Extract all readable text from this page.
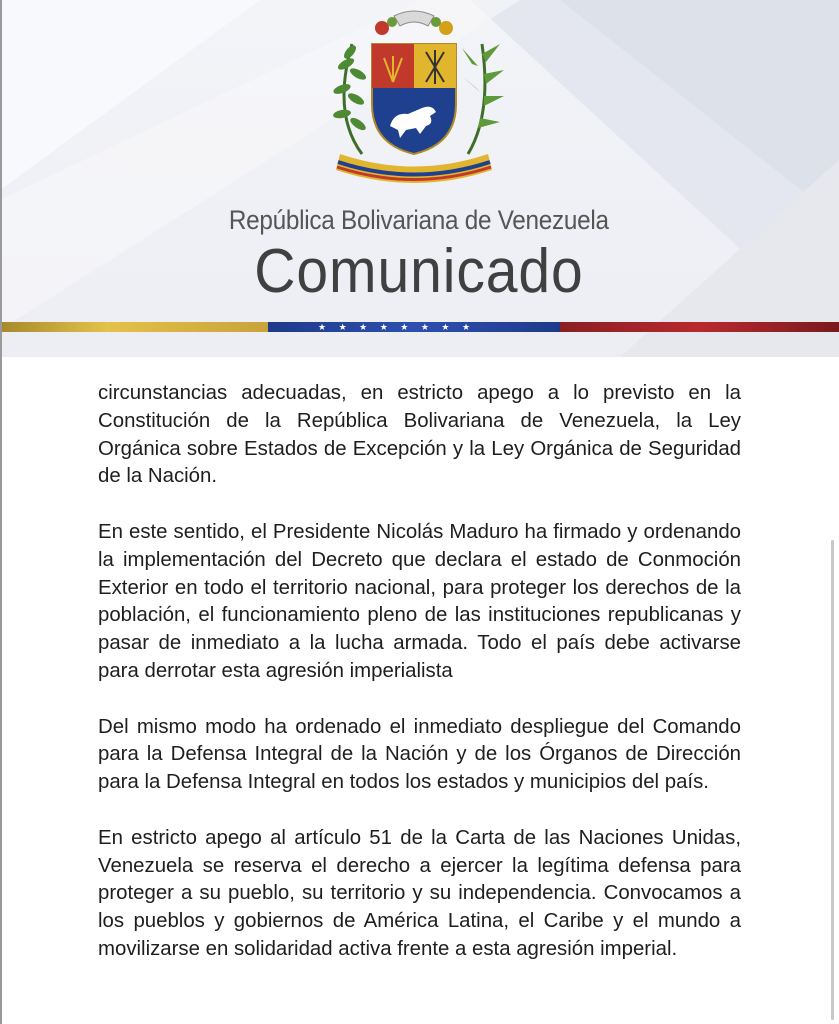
República Bolivariana de Venezuela
Comunicado
★★★★★★★★

circunstancias adecuadas, en estricto apego a lo previsto en la Constitución de la República Bolivariana de Venezuela, la Ley Orgánica sobre Estados de Excepción y la Ley Orgánica de Seguridad de la Nación.

En este sentido, el Presidente Nicolás Maduro ha firmado y ordenando la implementación del Decreto que declara el estado de Conmoción Exterior en todo el territorio nacional, para proteger los derechos de la población, el funcionamiento pleno de las instituciones republicanas y pasar de inmediato a la lucha armada. Todo el país debe activarse para derrotar esta agresión imperialista

Del mismo modo ha ordenado el inmediato despliegue del Comando para la Defensa Integral de la Nación y de los Órganos de Dirección para la Defensa Integral en todos los estados y municipios del país.

En estricto apego al artículo 51 de la Carta de las Naciones Unidas, Venezuela se reserva el derecho a ejercer la legítima defensa para proteger a su pueblo, su territorio y su independencia. Convocamos a los pueblos y gobiernos de América Latina, el Caribe y el mundo a movilizarse en solidaridad activa frente a esta agresión imperial.
